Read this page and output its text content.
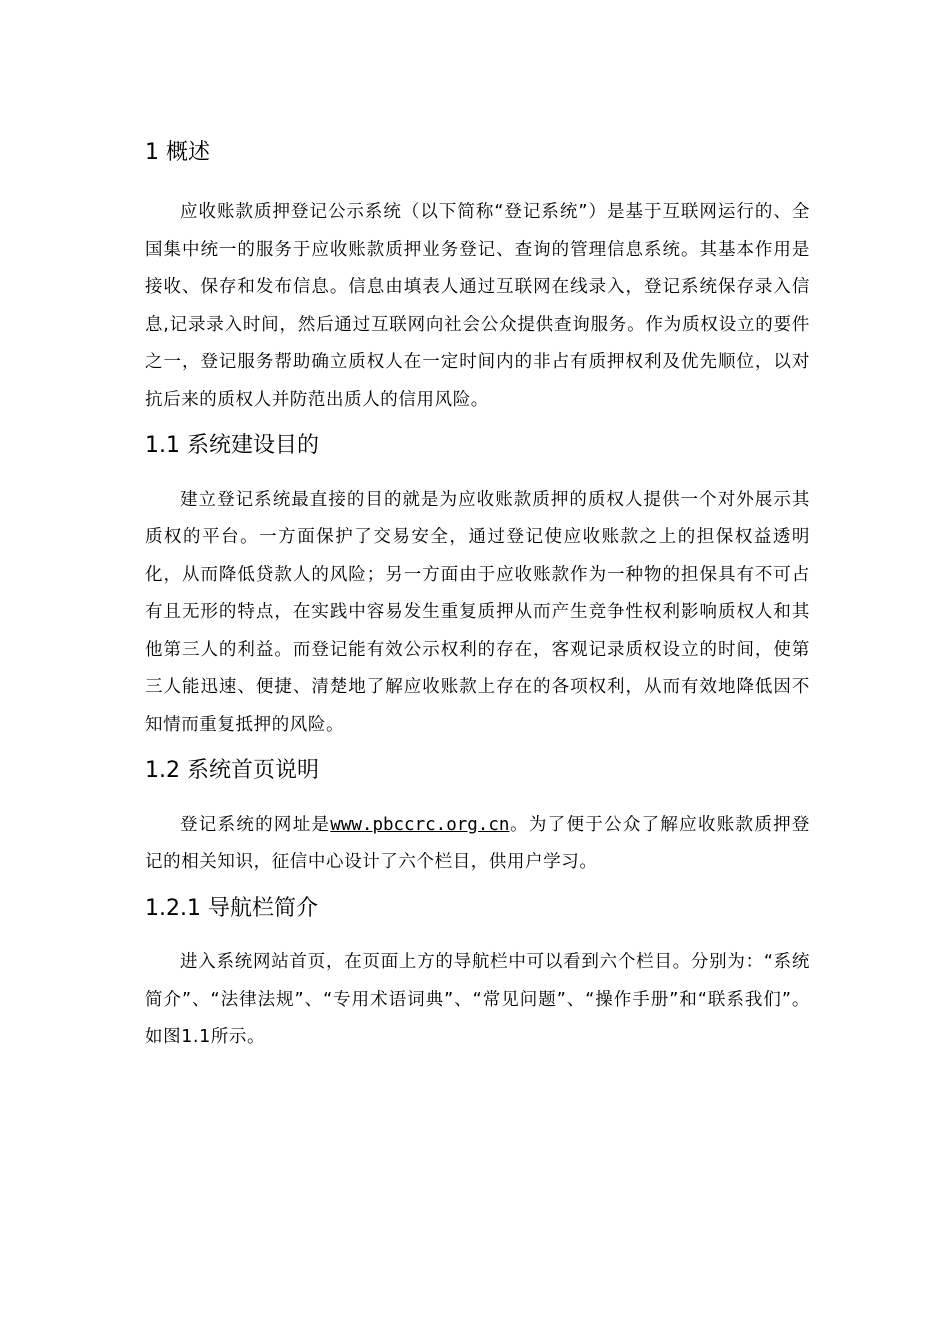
1 概述

应收账款质押登记公示系统（以下简称“登记系统”）是基于互联网运行的、全国集中统一的服务于应收账款质押业务登记、查询的管理信息系统。其基本作用是接收、保存和发布信息。信息由填表人通过互联网在线录入，登记系统保存录入信息,记录录入时间，然后通过互联网向社会公众提供查询服务。作为质权设立的要件之一，登记服务帮助确立质权人在一定时间内的非占有质押权利及优先顺位，以对抗后来的质权人并防范出质人的信用风险。

1.1 系统建设目的

建立登记系统最直接的目的就是为应收账款质押的质权人提供一个对外展示其质权的平台。一方面保护了交易安全，通过登记使应收账款之上的担保权益透明化，从而降低贷款人的风险；另一方面由于应收账款作为一种物的担保具有不可占有且无形的特点，在实践中容易发生重复质押从而产生竞争性权利影响质权人和其他第三人的利益。而登记能有效公示权利的存在，客观记录质权设立的时间，使第三人能迅速、便捷、清楚地了解应收账款上存在的各项权利，从而有效地降低因不知情而重复抵押的风险。

1.2 系统首页说明

登记系统的网址是www.pbccrc.org.cn。为了便于公众了解应收账款质押登记的相关知识，征信中心设计了六个栏目，供用户学习。

1.2.1 导航栏简介

进入系统网站首页，在页面上方的导航栏中可以看到六个栏目。分别为：“系统简介”、“法律法规”、“专用术语词典”、“常见问题”、“操作手册”和“联系我们”。如图1.1所示。
